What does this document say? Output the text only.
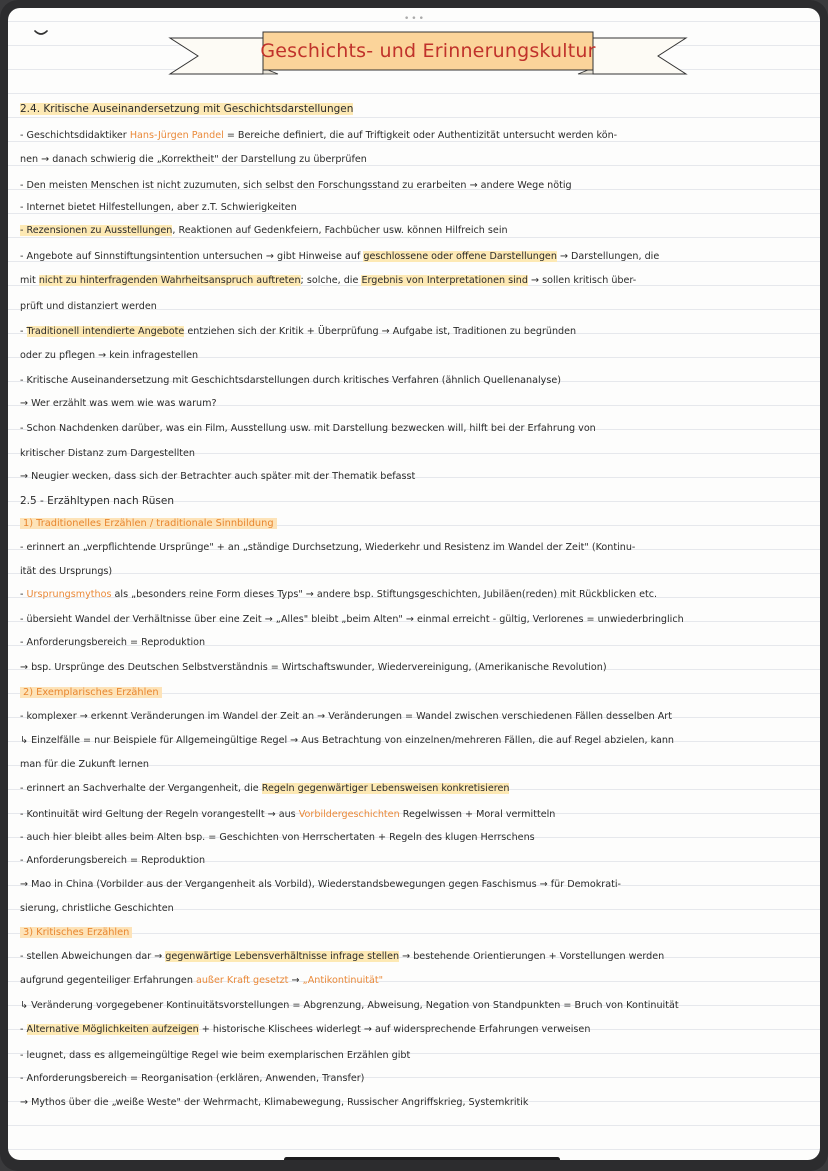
•••
Geschichts- und Erinnerungskultur
2.4. Kritische Auseinandersetzung mit Geschichtsdarstellungen
- Geschichtsdidaktiker Hans-Jürgen Pandel = Bereiche definiert, die auf Triftigkeit oder Authentizität untersucht werden kön-
nen → danach schwierig die „Korrektheit" der Darstellung zu überprüfen
- Den meisten Menschen ist nicht zuzumuten, sich selbst den Forschungsstand zu erarbeiten → andere Wege nötig
- Internet bietet Hilfestellungen, aber z.T. Schwierigkeiten
- Rezensionen zu Ausstellungen, Reaktionen auf Gedenkfeiern, Fachbücher usw. können Hilfreich sein
- Angebote auf Sinnstiftungsintention untersuchen → gibt Hinweise auf geschlossene oder offene Darstellungen → Darstellungen, die
mit nicht zu hinterfragenden Wahrheitsanspruch auftreten; solche, die Ergebnis von Interpretationen sind → sollen kritisch über-
prüft und distanziert werden
- Traditionell intendierte Angebote entziehen sich der Kritik + Überprüfung → Aufgabe ist, Traditionen zu begründen
oder zu pflegen → kein infragestellen
- Kritische Auseinandersetzung mit Geschichtsdarstellungen durch kritisches Verfahren (ähnlich Quellenanalyse)
→ Wer erzählt was wem wie was warum?
- Schon Nachdenken darüber, was ein Film, Ausstellung usw. mit Darstellung bezwecken will, hilft bei der Erfahrung von
kritischer Distanz zum Dargestellten
→ Neugier wecken, dass sich der Betrachter auch später mit der Thematik befasst
2.5 - Erzähltypen nach Rüsen
1) Traditionelles Erzählen / traditionale Sinnbildung
- erinnert an „verpflichtende Ursprünge" + an „ständige Durchsetzung, Wiederkehr und Resistenz im Wandel der Zeit" (Kontinu-
ität des Ursprungs)
- Ursprungsmythos als „besonders reine Form dieses Typs" → andere bsp. Stiftungsgeschichten, Jubiläen(reden) mit Rückblicken etc.
- übersieht Wandel der Verhältnisse über eine Zeit → „Alles" bleibt „beim Alten" → einmal erreicht - gültig, Verlorenes = unwiederbringlich
- Anforderungsbereich = Reproduktion
→ bsp. Ursprünge des Deutschen Selbstverständnis = Wirtschaftswunder, Wiedervereinigung, (Amerikanische Revolution)
2) Exemplarisches Erzählen
- komplexer → erkennt Veränderungen im Wandel der Zeit an → Veränderungen = Wandel zwischen verschiedenen Fällen desselben Art
↳ Einzelfälle = nur Beispiele für Allgemeingültige Regel → Aus Betrachtung von einzelnen/mehreren Fällen, die auf Regel abzielen, kann
man für die Zukunft lernen
- erinnert an Sachverhalte der Vergangenheit, die Regeln gegenwärtiger Lebensweisen konkretisieren
- Kontinuität wird Geltung der Regeln vorangestellt → aus Vorbildergeschichten Regelwissen + Moral vermitteln
- auch hier bleibt alles beim Alten bsp. = Geschichten von Herrschertaten + Regeln des klugen Herrschens
- Anforderungsbereich = Reproduktion
→ Mao in China (Vorbilder aus der Vergangenheit als Vorbild), Wiederstandsbewegungen gegen Faschismus → für Demokrati-
sierung, christliche Geschichten
3) Kritisches Erzählen
- stellen Abweichungen dar → gegenwärtige Lebensverhältnisse infrage stellen → bestehende Orientierungen + Vorstellungen werden
aufgrund gegenteiliger Erfahrungen außer Kraft gesetzt → „Antikontinuität"
↳ Veränderung vorgegebener Kontinuitätsvorstellungen = Abgrenzung, Abweisung, Negation von Standpunkten = Bruch von Kontinuität
- Alternative Möglichkeiten aufzeigen + historische Klischees widerlegt → auf widersprechende Erfahrungen verweisen
- leugnet, dass es allgemeingültige Regel wie beim exemplarischen Erzählen gibt
- Anforderungsbereich = Reorganisation (erklären, Anwenden, Transfer)
→ Mythos über die „weiße Weste" der Wehrmacht, Klimabewegung, Russischer Angriffskrieg, Systemkritik
